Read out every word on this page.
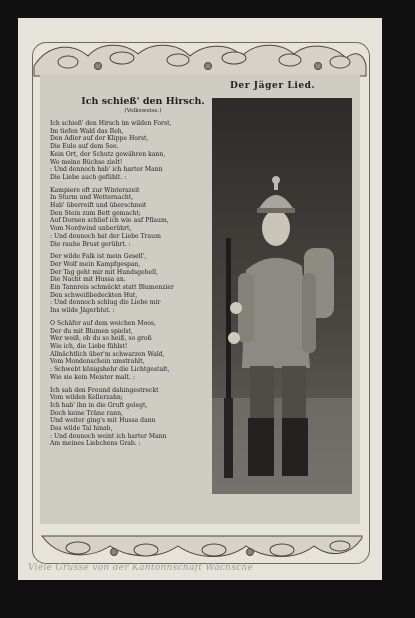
Der Jäger Lied.
Ich schieß' den Hirsch.
(Volksweise.)
Ich schieß' den Hirsch im wilden Forst,
Im tiefen Wald das Reh,
Den Adler auf der Klippe Horst,
Die Eule auf dem See.
Kein Ort, der Schutz gewähren kann,
Wo meine Büchse zielt!
: Und dennoch hab' ich harter Mann
Die Liebe auch gefühlt. :
Kampiere oft zur Winterszeit
In Sturm und Wetternacht,
Hab' überreift und überschneit
Den Stein zum Bett gemacht;
Auf Dornen schlief ich wie auf Pflaum,
Vom Nordwind unberührt,
: Und dennoch hat der Liebe Traum
Die rauhe Brust gerührt. :
Der wilde Falk ist mein Gesell',
Der Wolf mein Kampfgespan,
Der Tag geht mir mit Hundsgebell,
Die Nacht mit Hussa an.
Ein Tannreis schmückt statt Blumenzier
Den schweißbedeckten Hut,
: Und dennoch schlug die Liebe mir
Ins wilde Jägerblut. :
O Schäfer auf dem weichen Moos,
Der du mit Blumen spielst,
Wer weiß, ob du so heiß, so groß
Wie ich, die Liebe fühlst!
Allnächtlich über'm schwarzen Wald,
Vom Mondenschein umstrahlt,
: Schwebt königshehr die Lichtgestalt,
Wie sie kein Meister malt. :
Ich sah den Freund dahingestreckt
Vom wilden Kellerzahn;
Ich hab' ihn in die Gruft gelegt,
Doch keine Träne rann,
Und weiter ging's mit Hussa dann
Das wilde Tal hinab,
: Und dennoch weint ich harter Mann
Am meines Liebchens Grab. :
Viele Grüsse von der Kantonnschaft Wachsche
